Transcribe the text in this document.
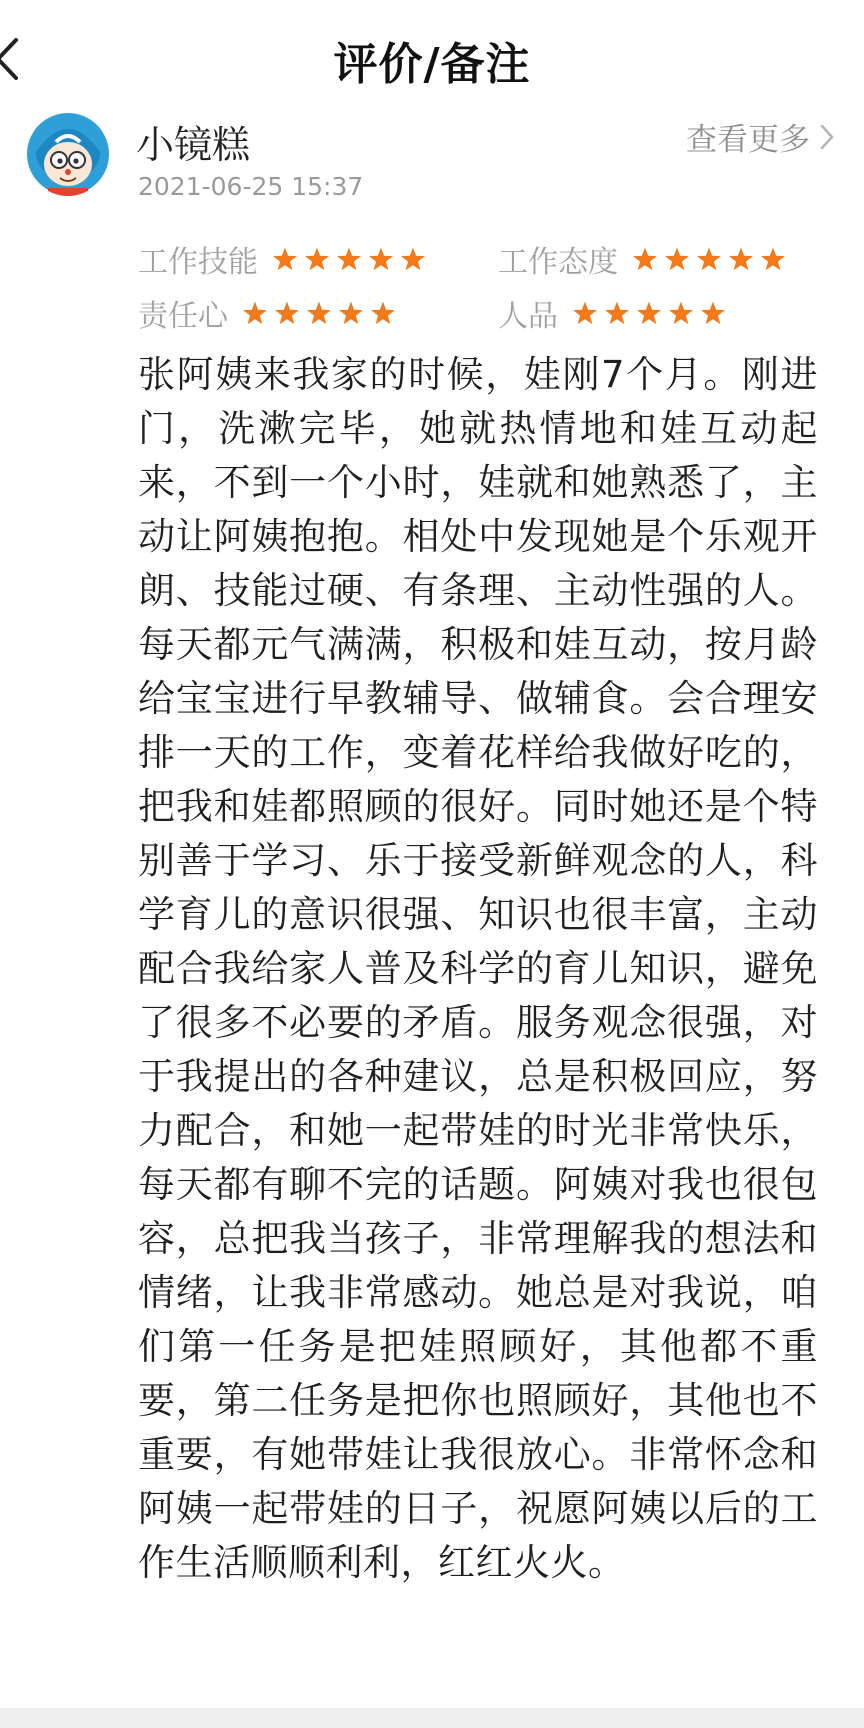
评价/备注
小镜糕
2021-06-25 15:37
查看更多
工作技能	工作态度
责任心	人品
张阿姨来我家的时候，娃刚7个月。刚进门，洗漱完毕，她就热情地和娃互动起来，不到一个小时，娃就和她熟悉了，主动让阿姨抱抱。相处中发现她是个乐观开朗、技能过硬、有条理、主动性强的人。每天都元气满满，积极和娃互动，按月龄给宝宝进行早教辅导、做辅食。会合理安排一天的工作，变着花样给我做好吃的，把我和娃都照顾的很好。同时她还是个特别善于学习、乐于接受新鲜观念的人，科学育儿的意识很强、知识也很丰富，主动配合我给家人普及科学的育儿知识，避免了很多不必要的矛盾。服务观念很强，对于我提出的各种建议，总是积极回应，努力配合，和她一起带娃的时光非常快乐，每天都有聊不完的话题。阿姨对我也很包容，总把我当孩子，非常理解我的想法和情绪，让我非常感动。她总是对我说，咱们第一任务是把娃照顾好，其他都不重要，第二任务是把你也照顾好，其他也不重要，有她带娃让我很放心。非常怀念和阿姨一起带娃的日子，祝愿阿姨以后的工作生活顺顺利利，红红火火。
